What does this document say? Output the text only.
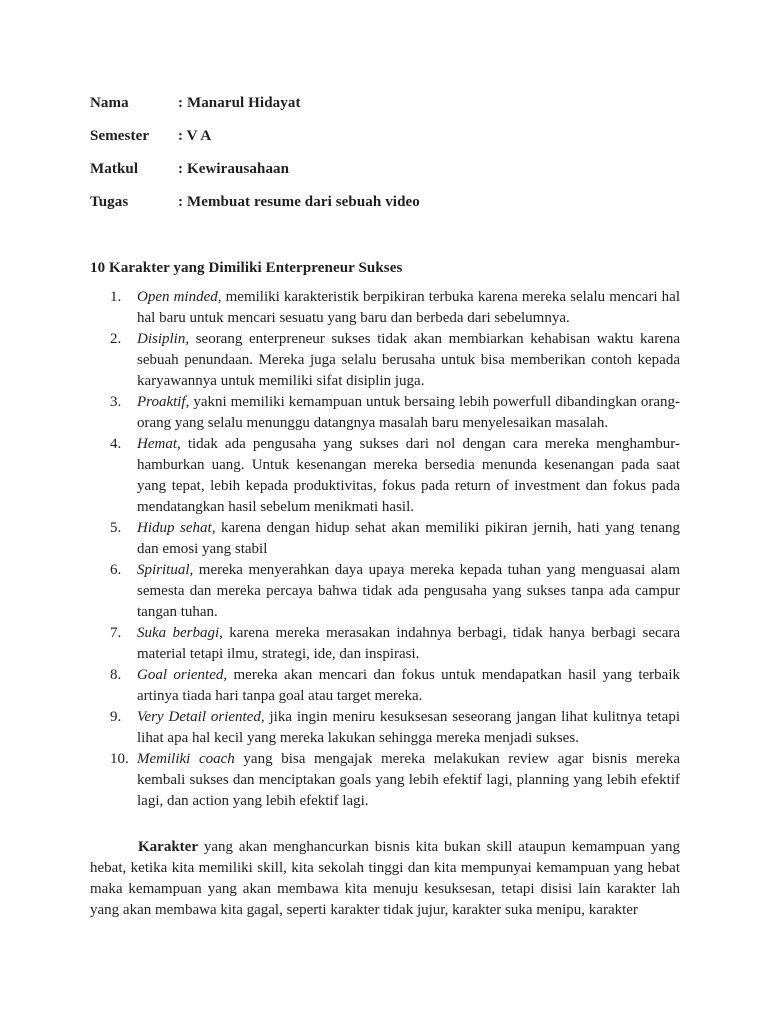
Nama	: Manarul Hidayat
Semester : V A
Matkul	: Kewirausahaan
Tugas	: Membuat resume dari sebuah video
10 Karakter yang Dimiliki Enterpreneur Sukses
1. Open minded, memiliki karakteristik berpikiran terbuka karena mereka selalu mencari hal hal baru untuk mencari sesuatu yang baru dan berbeda dari sebelumnya.
2. Disiplin, seorang enterpreneur sukses tidak akan membiarkan kehabisan waktu karena sebuah penundaan. Mereka juga selalu berusaha untuk bisa memberikan contoh kepada karyawannya untuk memiliki sifat disiplin juga.
3. Proaktif, yakni memiliki kemampuan untuk bersaing lebih powerfull dibandingkan orang-orang yang selalu menunggu datangnya masalah baru menyelesaikan masalah.
4. Hemat, tidak ada pengusaha yang sukses dari nol dengan cara mereka menghambur-hamburkan uang. Untuk kesenangan mereka bersedia menunda kesenangan pada saat yang tepat, lebih kepada produktivitas, fokus pada return of investment dan fokus pada mendatangkan hasil sebelum menikmati hasil.
5. Hidup sehat, karena dengan hidup sehat akan memiliki pikiran jernih, hati yang tenang dan emosi yang stabil
6. Spiritual, mereka menyerahkan daya upaya mereka kepada tuhan yang menguasai alam semesta dan mereka percaya bahwa tidak ada pengusaha yang sukses tanpa ada campur tangan tuhan.
7. Suka berbagi, karena mereka merasakan indahnya berbagi, tidak hanya berbagi secara material tetapi ilmu, strategi, ide, dan inspirasi.
8. Goal oriented, mereka akan mencari dan fokus untuk mendapatkan hasil yang terbaik artinya tiada hari tanpa goal atau target mereka.
9. Very Detail oriented, jika ingin meniru kesuksesan seseorang jangan lihat kulitnya tetapi lihat apa hal kecil yang mereka lakukan sehingga mereka menjadi sukses.
10. Memiliki coach yang bisa mengajak mereka melakukan review agar bisnis mereka kembali sukses dan menciptakan goals yang lebih efektif lagi, planning yang lebih efektif lagi, dan action yang lebih efektif lagi.

Karakter yang akan menghancurkan bisnis kita bukan skill ataupun kemampuan yang hebat, ketika kita memiliki skill, kita sekolah tinggi dan kita mempunyai kemampuan yang hebat maka kemampuan yang akan membawa kita menuju kesuksesan, tetapi disisi lain karakter lah yang akan membawa kita gagal, seperti karakter tidak jujur, karakter suka menipu, karakter
